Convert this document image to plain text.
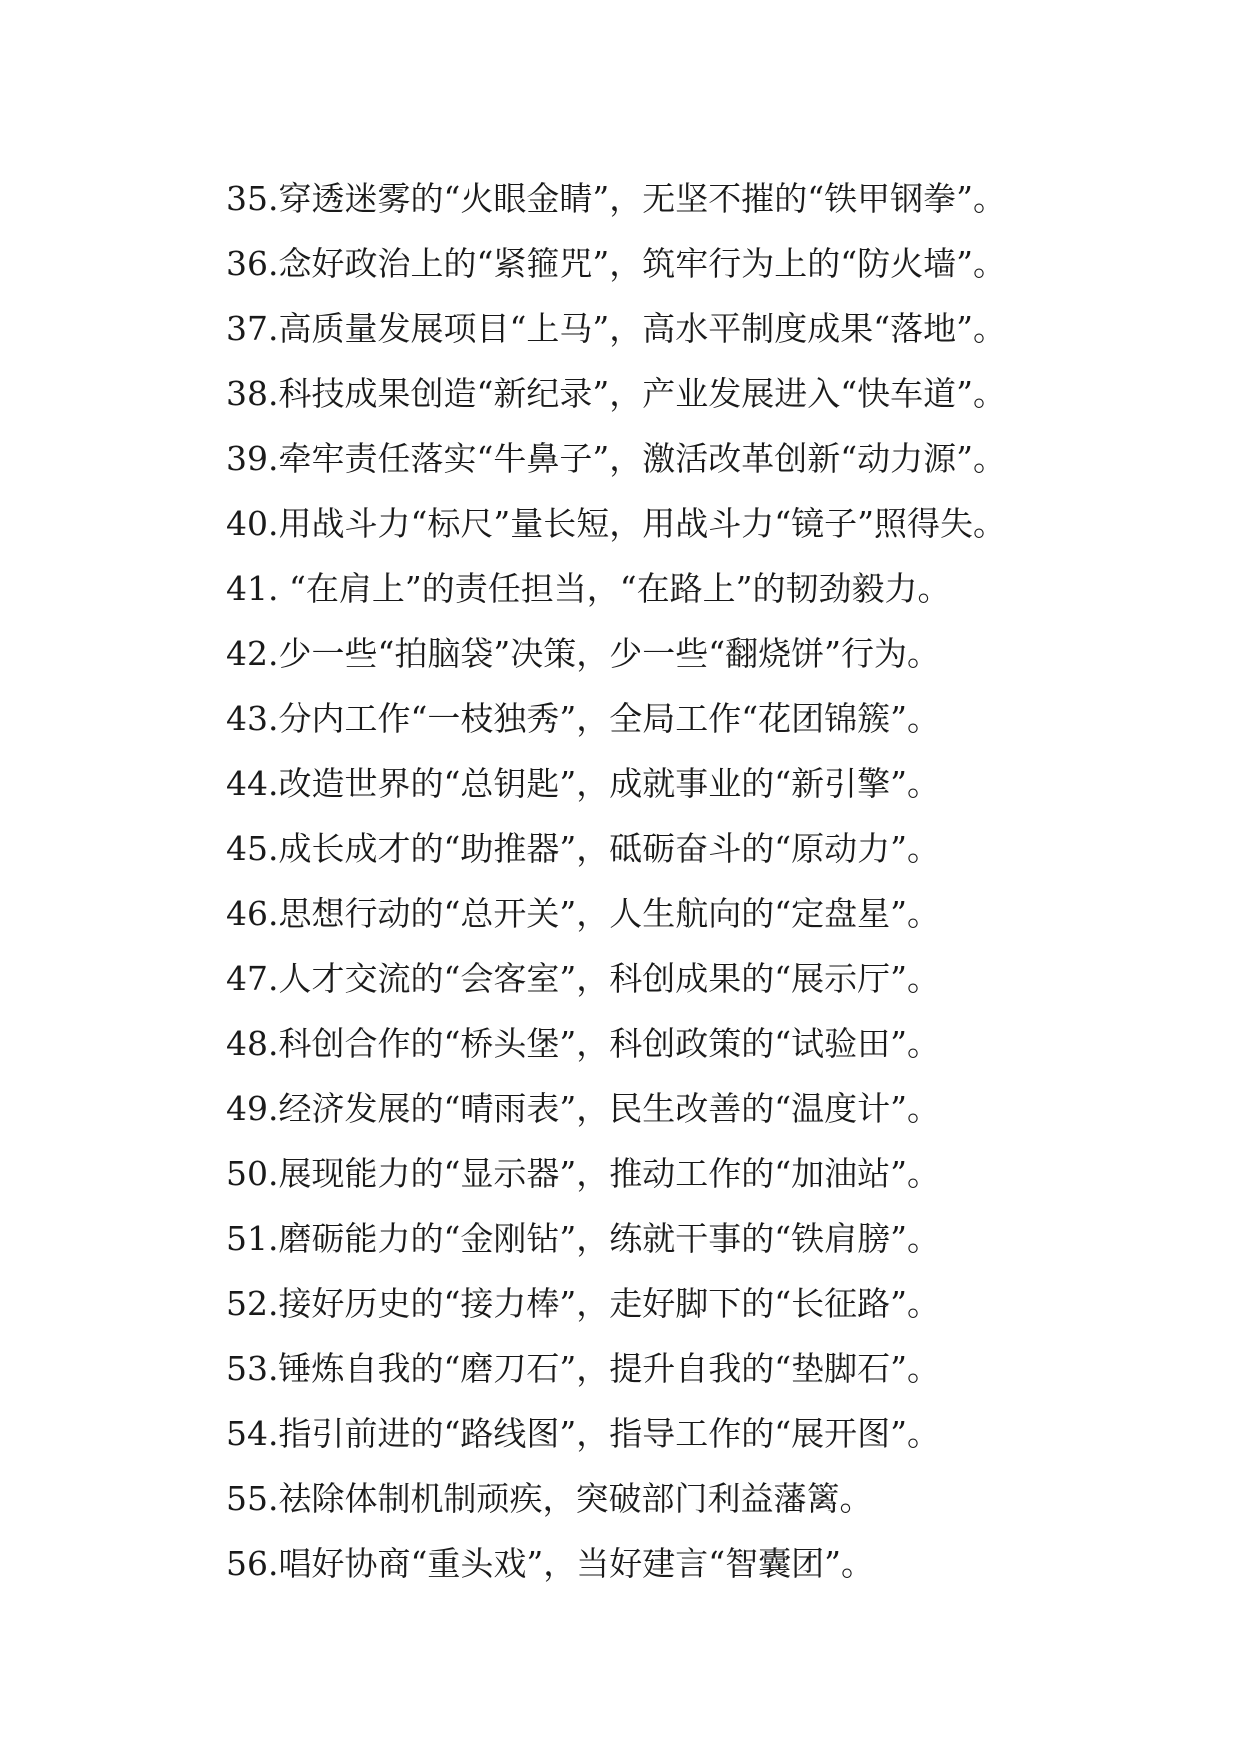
35.穿透迷雾的“火眼金睛”，无坚不摧的“铁甲钢拳”。
36.念好政治上的“紧箍咒”，筑牢行为上的“防火墙”。
37.高质量发展项目“上马”，高水平制度成果“落地”。
38.科技成果创造“新纪录”，产业发展进入“快车道”。
39.牵牢责任落实“牛鼻子”，激活改革创新“动力源”。
40.用战斗力“标尺”量长短，用战斗力“镜子”照得失。
41. “在肩上”的责任担当，“在路上”的韧劲毅力。
42.少一些“拍脑袋”决策，少一些“翻烧饼”行为。
43.分内工作“一枝独秀”，全局工作“花团锦簇”。
44.改造世界的“总钥匙”，成就事业的“新引擎”。
45.成长成才的“助推器”，砥砺奋斗的“原动力”。
46.思想行动的“总开关”，人生航向的“定盘星”。
47.人才交流的“会客室”，科创成果的“展示厅”。
48.科创合作的“桥头堡”，科创政策的“试验田”。
49.经济发展的“晴雨表”，民生改善的“温度计”。
50.展现能力的“显示器”，推动工作的“加油站”。
51.磨砺能力的“金刚钻”，练就干事的“铁肩膀”。
52.接好历史的“接力棒”，走好脚下的“长征路”。
53.锤炼自我的“磨刀石”，提升自我的“垫脚石”。
54.指引前进的“路线图”，指导工作的“展开图”。
55.祛除体制机制顽疾，突破部门利益藩篱。
56.唱好协商“重头戏”，当好建言“智囊团”。
